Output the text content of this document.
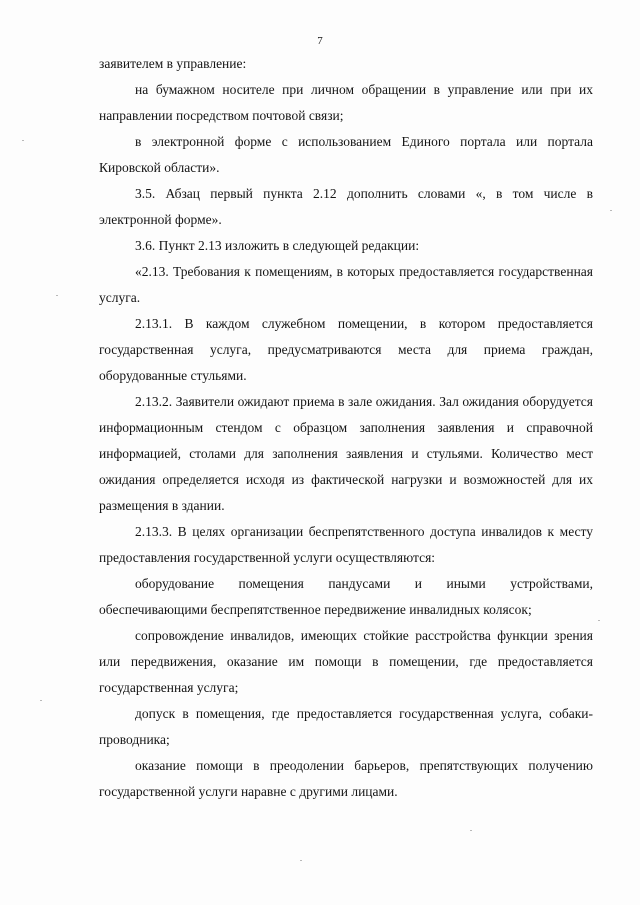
7

заявителем в управление:

на бумажном носителе при личном обращении в управление или при их направлении посредством почтовой связи;

в электронной форме с использованием Единого портала или портала Кировской области».

3.5. Абзац первый пункта 2.12 дополнить словами «, в том числе в электронной форме».

3.6. Пункт 2.13 изложить в следующей редакции:

«2.13. Требования к помещениям, в которых предоставляется государственная услуга.

2.13.1. В каждом служебном помещении, в котором предоставляется государственная услуга, предусматриваются места для приема граждан, оборудованные стульями.

2.13.2. Заявители ожидают приема в зале ожидания. Зал ожидания оборудуется информационным стендом с образцом заполнения заявления и справочной информацией, столами для заполнения заявления и стульями. Количество мест ожидания определяется исходя из фактической нагрузки и возможностей для их размещения в здании.

2.13.3. В целях организации беспрепятственного доступа инвалидов к месту предоставления государственной услуги осуществляются:

оборудование помещения пандусами и иными устройствами, обеспечивающими беспрепятственное передвижение инвалидных колясок;

сопровождение инвалидов, имеющих стойкие расстройства функции зрения или передвижения, оказание им помощи в помещении, где предоставляется государственная услуга;

допуск в помещения, где предоставляется государственная услуга, собаки-проводника;

оказание помощи в преодолении барьеров, препятствующих получению государственной услуги наравне с другими лицами.
